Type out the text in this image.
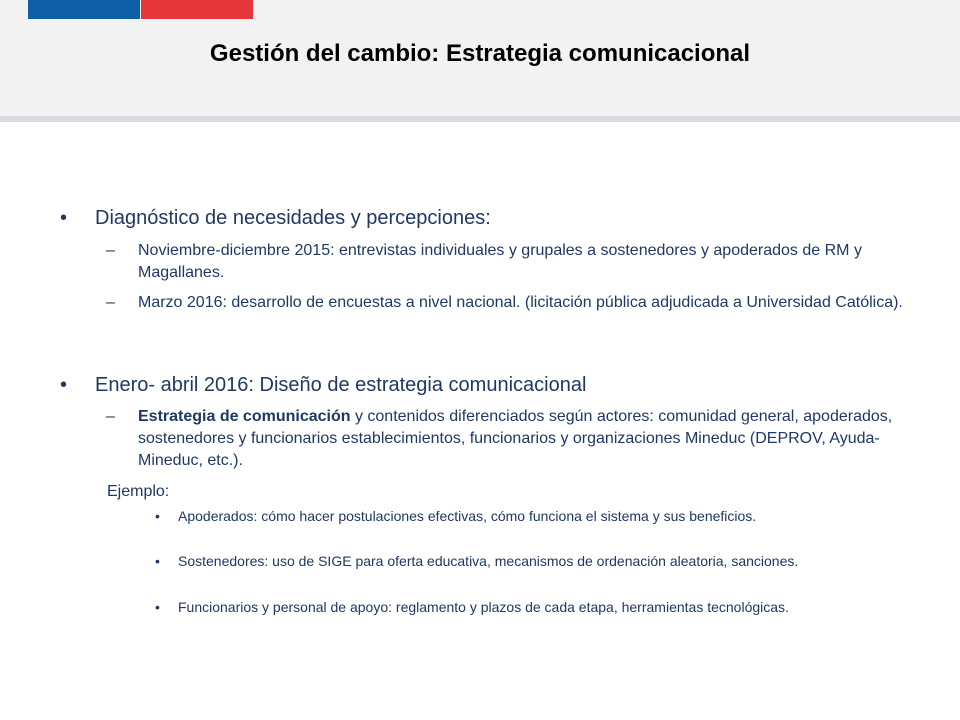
Gestión del cambio: Estrategia comunicacional
• Diagnóstico de necesidades y percepciones:
– Noviembre-diciembre 2015: entrevistas individuales y grupales a sostenedores y apoderados de RM y Magallanes.
– Marzo 2016: desarrollo de encuestas a nivel nacional. (licitación pública adjudicada a Universidad Católica).
• Enero- abril 2016: Diseño de estrategia comunicacional
– Estrategia de comunicación y contenidos diferenciados según actores: comunidad general, apoderados, sostenedores y funcionarios establecimientos, funcionarios y organizaciones Mineduc (DEPROV, Ayuda-Mineduc, etc.).
Ejemplo:
• Apoderados: cómo hacer postulaciones efectivas, cómo funciona el sistema y sus beneficios.
• Sostenedores: uso de SIGE para oferta educativa, mecanismos de ordenación aleatoria, sanciones.
• Funcionarios y personal de apoyo: reglamento y plazos de cada etapa, herramientas tecnológicas.
